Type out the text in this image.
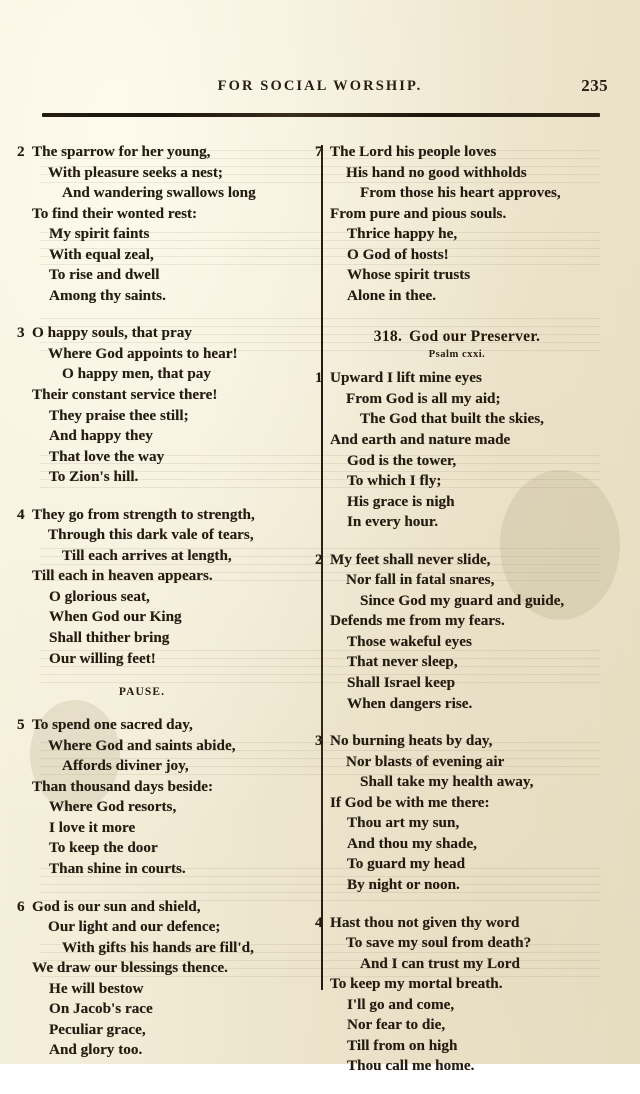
FOR SOCIAL WORSHIP.	235
2 The sparrow for her young,
With pleasure seeks a nest;
And wandering swallows long
To find their wonted rest:
My spirit faints
With equal zeal,
To rise and dwell
Among thy saints.
3 O happy souls, that pray
Where God appoints to hear!
O happy men, that pay
Their constant service there!
They praise thee still;
And happy they
That love the way
To Zion's hill.
4 They go from strength to strength,
Through this dark vale of tears,
Till each arrives at length,
Till each in heaven appears.
O glorious seat,
When God our King
Shall thither bring
Our willing feet!
PAUSE.
5 To spend one sacred day,
Where God and saints abide,
Affords diviner joy,
Than thousand days beside:
Where God resorts,
I love it more
To keep the door
Than shine in courts.
6 God is our sun and shield,
Our light and our defence;
With gifts his hands are fill'd,
We draw our blessings thence.
He will bestow
On Jacob's race
Peculiar grace,
And glory too.
7 The Lord his people loves
His hand no good withholds
From those his heart approves,
From pure and pious souls.
Thrice happy he,
O God of hosts!
Whose spirit trusts
Alone in thee.
318. God our Preserver.
Psalm cxxi.
1 Upward I lift mine eyes
From God is all my aid;
The God that built the skies,
And earth and nature made
God is the tower,
To which I fly;
His grace is nigh
In every hour.
2 My feet shall never slide,
Nor fall in fatal snares,
Since God my guard and guide,
Defends me from my fears.
Those wakeful eyes
That never sleep,
Shall Israel keep
When dangers rise.
3 No burning heats by day,
Nor blasts of evening air
Shall take my health away,
If God be with me there:
Thou art my sun,
And thou my shade,
To guard my head
By night or noon.
4 Hast thou not given thy word
To save my soul from death?
And I can trust my Lord
To keep my mortal breath.
I'll go and come,
Nor fear to die,
Till from on high
Thou call me home.
